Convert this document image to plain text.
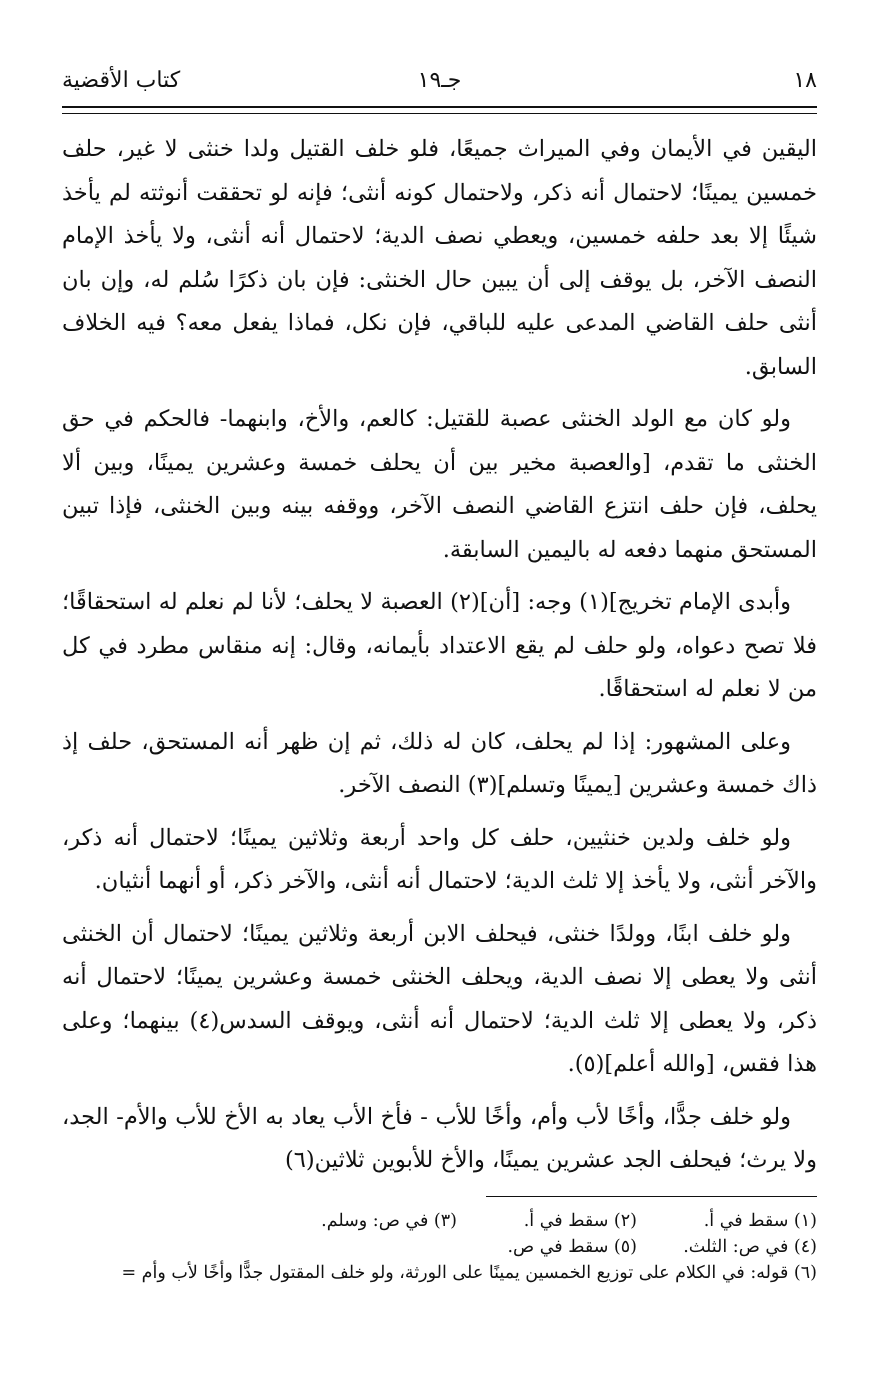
١٨
جـ١٩
كتاب الأقضية

اليقين في الأيمان وفي الميراث جميعًا، فلو خلف القتيل ولدا خنثى لا غير، حلف خمسين يمينًا؛ لاحتمال أنه ذكر، ولاحتمال كونه أنثى؛ فإنه لو تحققت أنوثته لم يأخذ شيئًا إلا بعد حلفه خمسين، ويعطي نصف الدية؛ لاحتمال أنه أنثى، ولا يأخذ الإمام النصف الآخر، بل يوقف إلى أن يبين حال الخنثى: فإن بان ذكرًا سُلم له، وإن بان أنثى حلف القاضي المدعى عليه للباقي، فإن نكل، فماذا يفعل معه؟ فيه الخلاف السابق.

ولو كان مع الولد الخنثى عصبة للقتيل: كالعم، والأخ، وابنهما- فالحكم في حق الخنثى ما تقدم، [والعصبة مخير بين أن يحلف خمسة وعشرين يمينًا، وبين ألا يحلف، فإن حلف انتزع القاضي النصف الآخر، ووقفه بينه وبين الخنثى، فإذا تبين المستحق منهما دفعه له باليمين السابقة.

وأبدى الإمام تخريج](١) وجه: [أن](٢) العصبة لا يحلف؛ لأنا لم نعلم له استحقاقًا؛ فلا تصح دعواه، ولو حلف لم يقع الاعتداد بأيمانه، وقال: إنه منقاس مطرد في كل من لا نعلم له استحقاقًا.

وعلى المشهور: إذا لم يحلف، كان له ذلك، ثم إن ظهر أنه المستحق، حلف إذ ذاك خمسة وعشرين [يمينًا وتسلم](٣) النصف الآخر.

ولو خلف ولدين خنثيين، حلف كل واحد أربعة وثلاثين يمينًا؛ لاحتمال أنه ذكر، والآخر أنثى، ولا يأخذ إلا ثلث الدية؛ لاحتمال أنه أنثى، والآخر ذكر، أو أنهما أنثيان.

ولو خلف ابنًا، وولدًا خنثى، فيحلف الابن أربعة وثلاثين يمينًا؛ لاحتمال أن الخنثى أنثى ولا يعطى إلا نصف الدية، ويحلف الخنثى خمسة وعشرين يمينًا؛ لاحتمال أنه ذكر، ولا يعطى إلا ثلث الدية؛ لاحتمال أنه أنثى، ويوقف السدس(٤) بينهما؛ وعلى هذا فقس، [والله أعلم](٥).

ولو خلف جدًّا، وأخًا لأب وأم، وأخًا للأب - فأخ الأب يعاد به الأخ للأب والأم- الجد، ولا يرث؛ فيحلف الجد عشرين يمينًا، والأخ للأبوين ثلاثين(٦)

(١) سقط في أ.
(٢) سقط في أ.
(٣) في ص: وسلم.
(٤) في ص: الثلث.
(٥) سقط في ص.
(٦) قوله: في الكلام على توزيع الخمسين يمينًا على الورثة، ولو خلف المقتول جدًّا وأخًا لأب وأم =
